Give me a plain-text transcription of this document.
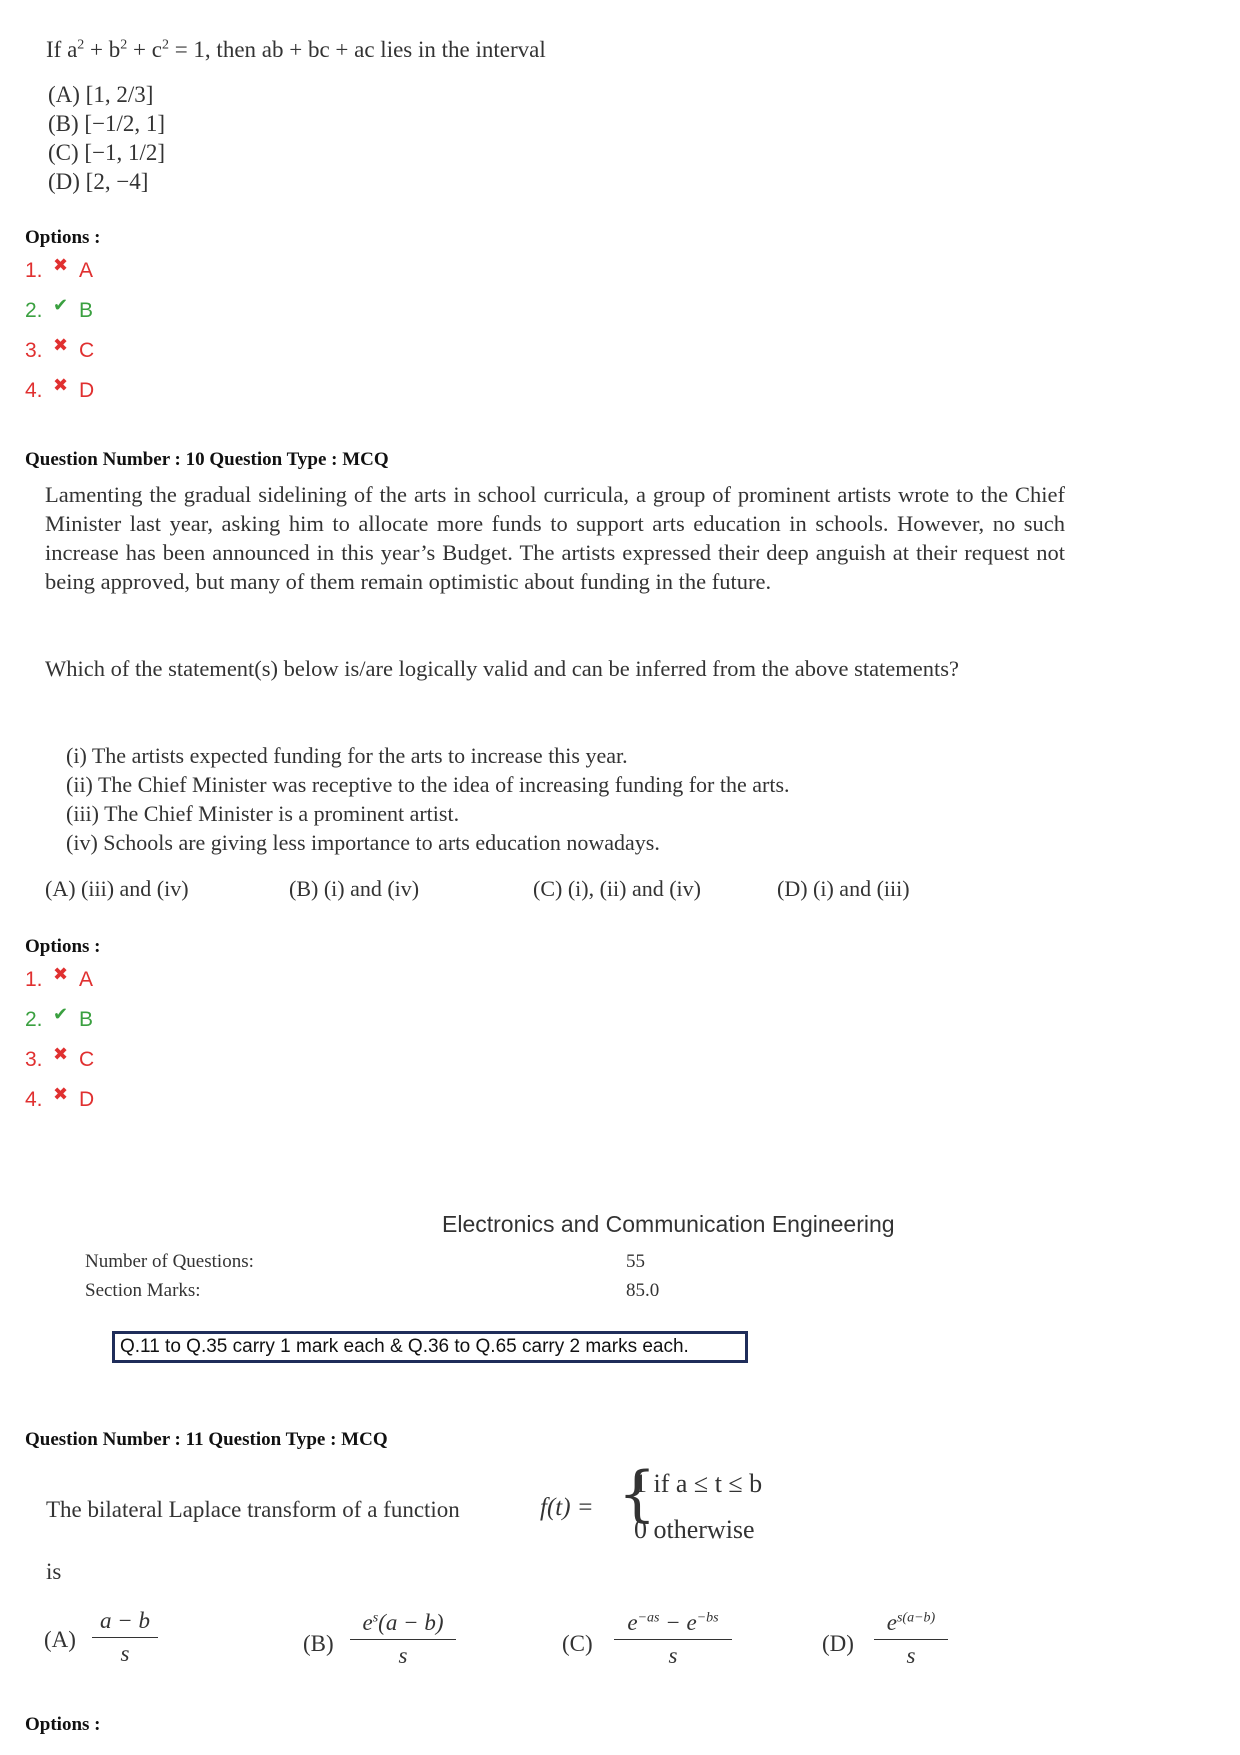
If $a^2 + b^2 + c^2 = 1$, then ab + bc + ac lies in the interval
(A) [1, 2/3]
(B) [−1/2, 1]
(C) [−1, 1/2]
(D) [2, −4]
Options :
1. ✖ A
2. ✔ B
3. ✖ C
4. ✖ D
Question Number : 10 Question Type : MCQ
Lamenting the gradual sidelining of the arts in school curricula, a group of prominent artists wrote to the Chief Minister last year, asking him to allocate more funds to support arts education in schools. However, no such increase has been announced in this year’s Budget. The artists expressed their deep anguish at their request not being approved, but many of them remain optimistic about funding in the future.
Which of the statement(s) below is/are logically valid and can be inferred from the above statements?
(i) The artists expected funding for the arts to increase this year.
(ii) The Chief Minister was receptive to the idea of increasing funding for the arts.
(iii) The Chief Minister is a prominent artist.
(iv) Schools are giving less importance to arts education nowadays.
(A) (iii) and (iv)	(B) (i) and (iv)	(C) (i), (ii) and (iv)	(D) (i) and (iii)
Options :
1. ✖ A
2. ✔ B
3. ✖ C
4. ✖ D
Electronics and Communication Engineering
Number of Questions:	55
Section Marks:	85.0
Q.11 to Q.35 carry 1 mark each & Q.36 to Q.65 carry 2 marks each.
Question Number : 11 Question Type : MCQ
The bilateral Laplace transform of a function	f(t) = {
1 if a ≤ t ≤ b
0 otherwise
is
(A)
a − b
s	(B)
$e^s(a - b)$
s	(C)
$e^{-as} - e^{-bs}$
s	(D)
$e^{s(a-b)}$
s
Options :
